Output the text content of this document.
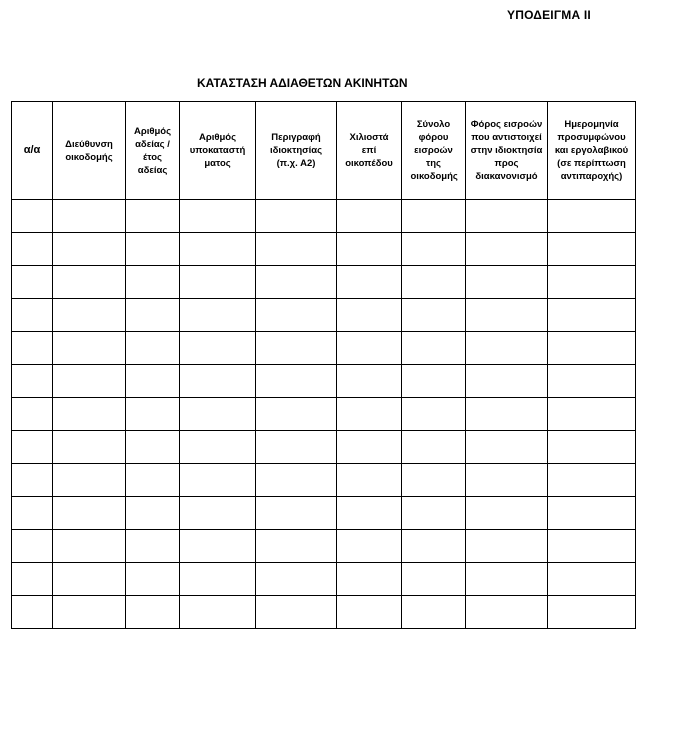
ΥΠΟΔΕΙΓΜΑ ΙΙ
ΚΑΤΑΣΤΑΣΗ ΑΔΙΑΘΕΤΩΝ ΑΚΙΝΗΤΩΝ
α/α	Διεύθυνση οικοδομής	Αριθμός αδείας /έτος αδείας	Αριθμός υποκαταστή ματος	Περιγραφή ιδιοκτησίας (π.χ. Α2)	Χιλιοστά επί οικοπέδου	Σύνολο φόρου εισροών της οικοδομής	Φόρος εισροών που αντιστοιχεί στην ιδιοκτησία προς διακανονισμό	Ημερομηνία προσυμφώνου και εργολαβικού (σε περίπτωση αντιπαροχής)
